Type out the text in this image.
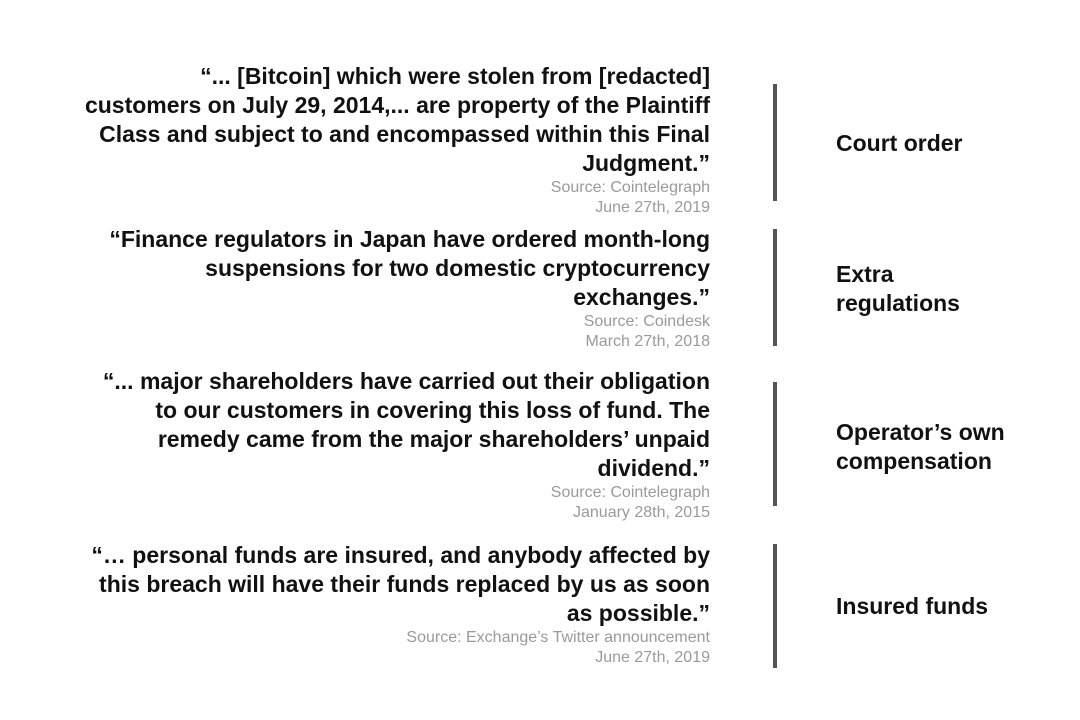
“... [Bitcoin] which were stolen from [redacted]
customers on July 29, 2014,... are property of the Plaintiff
Class and subject to and encompassed within this Final
Judgment.”
Source: Cointelegraph
June 27th, 2019
Court order
“Finance regulators in Japan have ordered month-long
suspensions for two domestic cryptocurrency
exchanges.”
Source: Coindesk
March 27th, 2018
Extra
regulations
“... major shareholders have carried out their obligation
to our customers in covering this loss of fund. The
remedy came from the major shareholders’ unpaid
dividend.”
Source: Cointelegraph
January 28th, 2015
Operator’s own
compensation
“… personal funds are insured, and anybody affected by
this breach will have their funds replaced by us as soon
as possible.”
Source: Exchange’s Twitter announcement
June 27th, 2019
Insured funds
